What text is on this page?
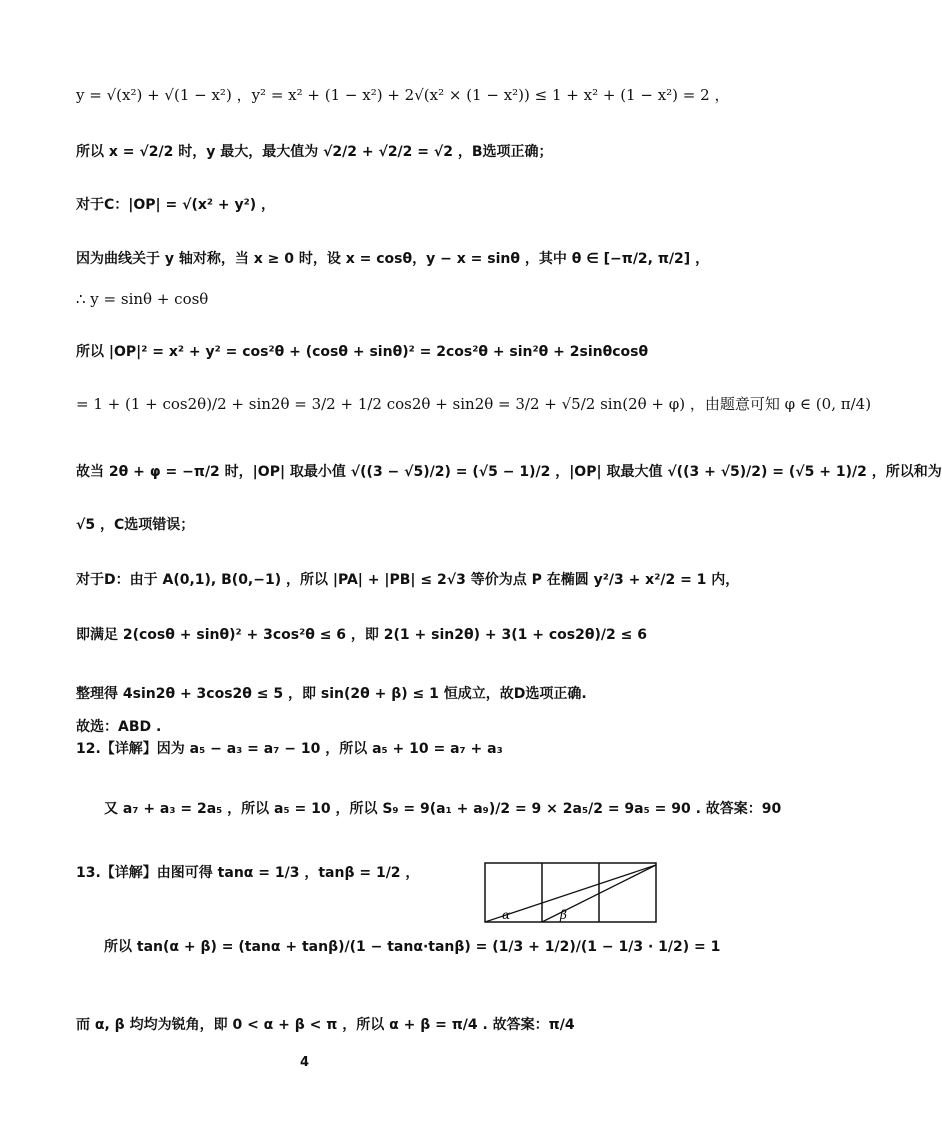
y = √(x²) + √(1 − x²) ，y² = x² + (1 − x²) + 2√(x² × (1 − x²)) ≤ 1 + x² + (1 − x²) = 2 ，
所以 x = √2/2 时，y 最大，最大值为 √2/2 + √2/2 = √2 ，B选项正确；
对于C：|OP| = √(x² + y²) ，
因为曲线关于 y 轴对称，当 x ≥ 0 时，设 x = cosθ，y − x = sinθ ，其中 θ ∈ [−π/2, π/2] ，
∴ y = sinθ + cosθ
所以 |OP|² = x² + y² = cos²θ + (cosθ + sinθ)² = 2cos²θ + sin²θ + 2sinθcosθ
= 1 + (1 + cos2θ)/2 + sin2θ = 3/2 + 1/2 cos2θ + sin2θ = 3/2 + √5/2 sin(2θ + φ) ，由题意可知 φ ∈ (0, π/4)
故当 2θ + φ = −π/2 时，|OP| 取最小值 √((3 − √5)/2) = (√5 − 1)/2 ，|OP| 取最大值 √((3 + √5)/2) = (√5 + 1)/2 ，所以和为
√5 ，C选项错误；
对于D：由于 A(0,1), B(0,−1) ，所以 |PA| + |PB| ≤ 2√3 等价为点 P 在椭圆 y²/3 + x²/2 = 1 内，
即满足 2(cosθ + sinθ)² + 3cos²θ ≤ 6 ，即 2(1 + sin2θ) + 3(1 + cos2θ)/2 ≤ 6
整理得 4sin2θ + 3cos2θ ≤ 5 ，即 sin(2θ + β) ≤ 1 恒成立，故D选项正确.
故选：ABD .
12.【详解】因为 a₅ − a₃ = a₇ − 10 ，所以 a₅ + 10 = a₇ + a₃
又 a₇ + a₃ = 2a₅ ，所以 a₅ = 10 ，所以 S₉ = 9(a₁ + a₉)/2 = 9 × 2a₅/2 = 9a₅ = 90 . 故答案：90
13.【详解】由图可得 tanα = 1/3 ，tanβ = 1/2 ，
所以 tan(α + β) = (tanα + tanβ)/(1 − tanα·tanβ) = (1/3 + 1/2)/(1 − 1/3 · 1/2) = 1
而 α, β 均均为锐角，即 0 < α + β < π ，所以 α + β = π/4 . 故答案：π/4
α	β
4
